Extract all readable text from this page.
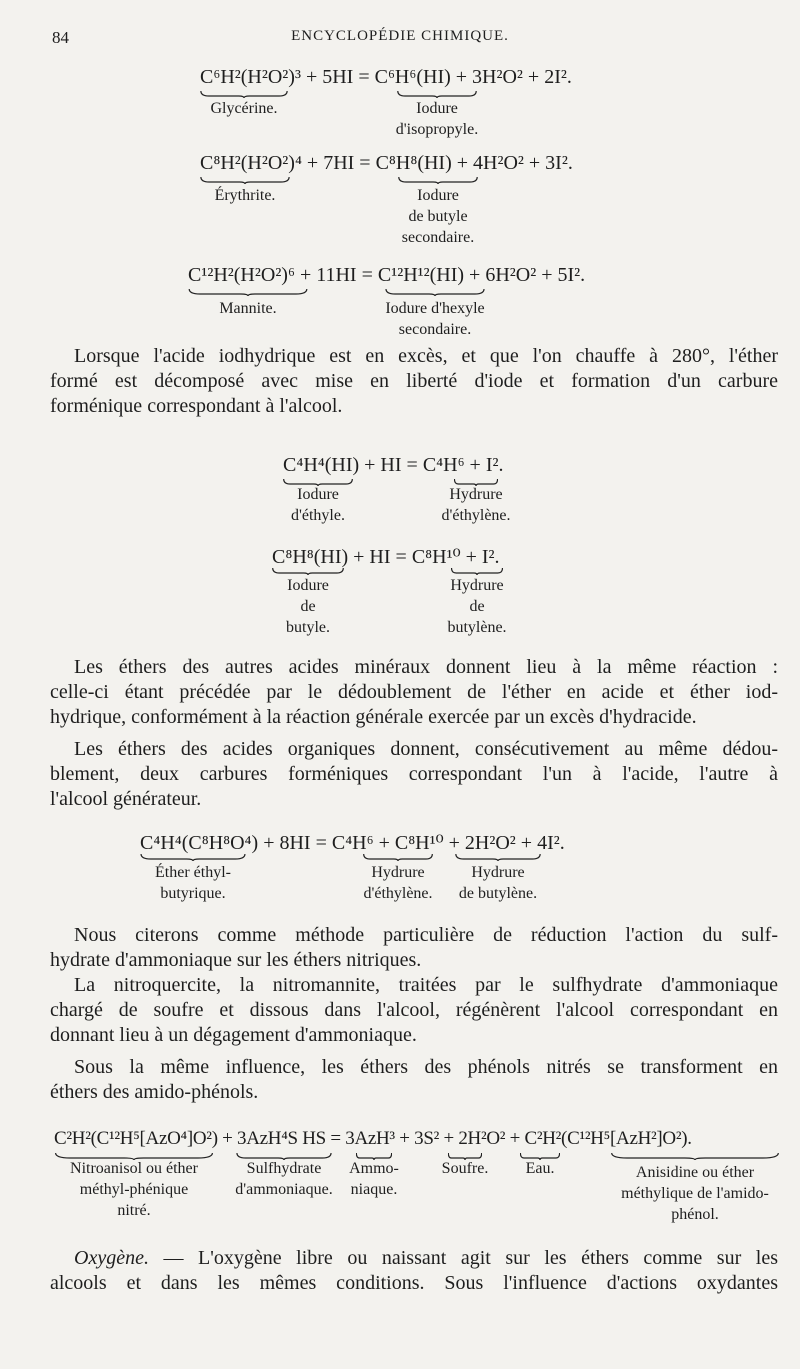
84	ENCYCLOPÉDIE CHIMIQUE.
C⁶H²(H²O²)³ + 5HI = C⁶H⁶(HI) + 3H²O² + 2I².
Glycérine.	Iodure
d'isopropyle.
C⁸H²(H²O²)⁴ + 7HI = C⁸H⁸(HI) + 4H²O² + 3I².
Érythrite.	Iodure
de butyle
secondaire.
C¹²H²(H²O²)⁶ + 11HI = C¹²H¹²(HI) + 6H²O² + 5I².
Mannite.	Iodure d'hexyle
secondaire.
Lorsque l'acide iodhydrique est en excès, et que l'on chauffe à 280°, l'éther
formé est décomposé avec mise en liberté d'iode et formation d'un carbure
forménique correspondant à l'alcool.
C⁴H⁴(HI) + HI = C⁴H⁶ + I².
Iodure
d'éthyle.
Hydrure
d'éthylène.
C⁸H⁸(HI) + HI = C⁸H¹⁰ + I².
Iodure
de
butyle.
Hydrure
de
butylène.
Les éthers des autres acides minéraux donnent lieu à la même réaction :
celle-ci étant précédée par le dédoublement de l'éther en acide et éther iod-
hydrique, conformément à la réaction générale exercée par un excès d'hydracide.
Les éthers des acides organiques donnent, consécutivement au même dédou-
blement, deux carbures forméniques correspondant l'un à l'acide, l'autre à
l'alcool générateur.
C⁴H⁴(C⁸H⁸O⁴) + 8HI = C⁴H⁶ + C⁸H¹⁰ + 2H²O² + 4I².
Éther éthyl-
butyrique.
Hydrure
d'éthylène.
Hydrure
de butylène.
Nous citerons comme méthode particulière de réduction l'action du sulf-
hydrate d'ammoniaque sur les éthers nitriques.
La nitroquercite, la nitromannite, traitées par le sulfhydrate d'ammoniaque
chargé de soufre et dissous dans l'alcool, régénèrent l'alcool correspondant en
donnant lieu à un dégagement d'ammoniaque.
Sous la même influence, les éthers des phénols nitrés se transforment en
éthers des amido-phénols.
C²H²(C¹²H⁵[AzO⁴]O²) + 3AzH⁴S HS = 3AzH³ + 3S² + 2H²O² + C²H²(C¹²H⁵[AzH²]O²).
Nitroanisol ou éther
méthyl-phénique
nitré.
Sulfhydrate
d'ammoniaque.
Ammo-
niaque.
Soufre.	Eau.	Anisidine ou éther
méthylique de l'amido-
phénol.
Oxygène. — L'oxygène libre ou naissant agit sur les éthers comme sur les
alcools et dans les mêmes conditions. Sous l'influence d'actions oxydantes
